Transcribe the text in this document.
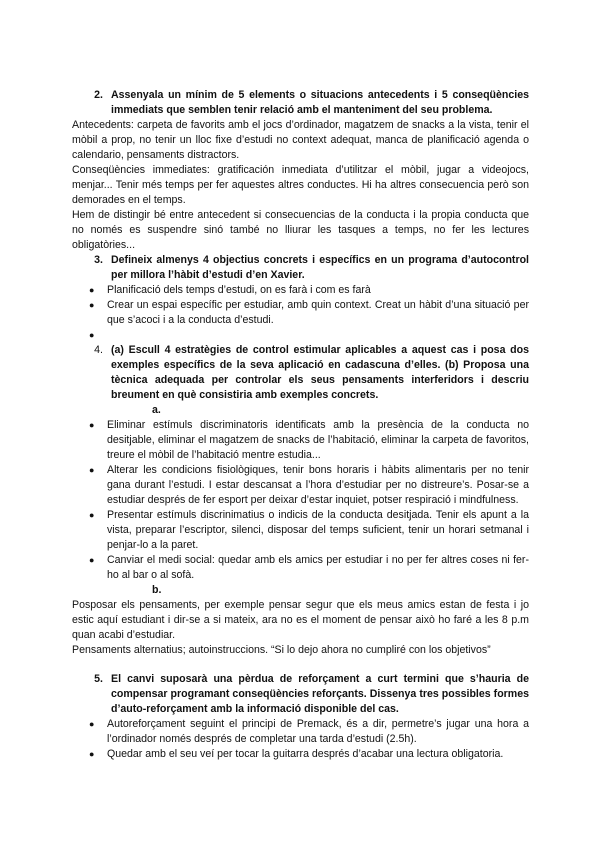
2. Assenyala un mínim de 5 elements o situacions antecedents i 5 conseqüències immediats que semblen tenir relació amb el manteniment del seu problema.

Antecedents: carpeta de favorits amb el jocs d’ordinador, magatzem de snacks a la vista, tenir el mòbil a prop, no tenir un lloc fixe d’estudi no context adequat, manca de planificació agenda o calendario, pensaments distractors.

Conseqüències immediates: gratificación inmediata d’utilitzar el mòbil, jugar a videojocs, menjar... Tenir més temps per fer aquestes altres conductes. Hi ha altres consecuencia però son demorades en el temps.

Hem de distingir bé entre antecedent si consecuencias de la conducta i la propia conducta que no només es suspendre sinó també no lliurar les tasques a temps, no fer les lectures obligatòries...

3. Defineix almenys 4 objectius concrets i específics en un programa d’autocontrol per millora l’hàbit d’estudi d’en Xavier.
●	Planificació dels temps d’estudi, on es farà i com es farà
●	Crear un espai específic per estudiar, amb quin context. Creat un hàbit d’una situació per que s’acoci i a la conducta d’estudi.
●
4. (a) Escull 4 estratègies de control estimular aplicables a aquest cas i posa dos exemples específics de la seva aplicació en cadascuna d’elles. (b) Proposa una tècnica adequada per controlar els seus pensaments interferidors i descriu breument en què consistiria amb exemples concrets.
a.
●	Eliminar estímuls discriminatoris identificats amb la presència de la conducta no desitjable, eliminar el magatzem de snacks de l’habitació, eliminar la carpeta de favoritos, treure el mòbil de l’habitació mentre estudia...
●	Alterar les condicions fisiològiques, tenir bons horaris i hàbits alimentaris per no tenir gana durant l’estudi. I estar descansat a l’hora d’estudiar per no distreure’s. Posar-se a estudiar després de fer esport per deixar d’estar inquiet, potser respiració i mindfulness.
●	Presentar estímuls discrinimatius o indicis de la conducta desitjada. Tenir els apunt a la vista, preparar l’escriptor, silenci, disposar del temps suficient, tenir un horari setmanal i penjar-lo a la paret.
●	Canviar el medi social: quedar amb els amics per estudiar i no per fer altres coses ni fer-ho al bar o al sofà.
b.

Posposar els pensaments, per exemple pensar segur que els meus amics estan de festa i jo estic aquí estudiant i dir-se a si mateix, ara no es el moment de pensar això ho faré a les 8 p.m quan acabi d’estudiar.

Pensaments alternatius; autoinstruccions. “Si lo dejo ahora no cumpliré con los objetivos”

5. El canvi suposarà una pèrdua de reforçament a curt termini que s’hauria de compensar programant conseqüències reforçants. Dissenya tres possibles formes d’auto-reforçament amb la informació disponible del cas.
●	Autoreforçament seguint el principi de Premack, és a dir, permetre’s jugar una hora a l’ordinador només després de completar una tarda d’estudi (2.5h).
●	Quedar amb el seu veí per tocar la guitarra després d’acabar una lectura obligatoria.
